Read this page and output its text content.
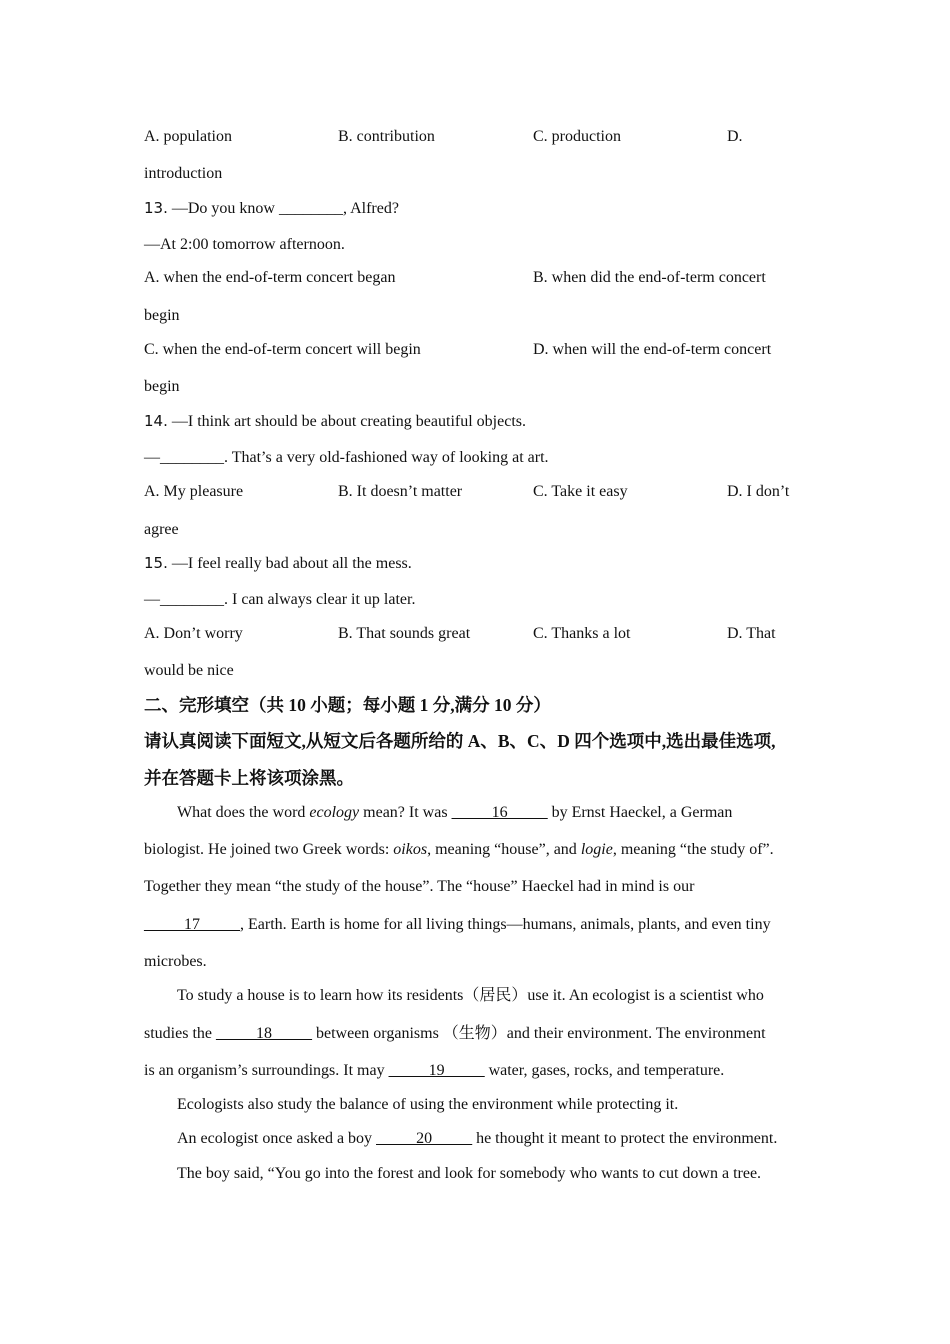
A. population	B. contribution	C. production	D.
introduction
13. —Do you know ________, Alfred?
—At 2:00 tomorrow afternoon.
A. when the end-of-term concert began	B. when did the end-of-term concert
begin
C. when the end-of-term concert will begin	D. when will the end-of-term concert
begin
14. —I think art should be about creating beautiful objects.
—________. That’s a very old-fashioned way of looking at art.
A. My pleasure	B. It doesn’t matter	C. Take it easy	D. I don’t
agree
15. —I feel really bad about all the mess.
—________. I can always clear it up later.
A. Don’t worry	B. That sounds great	C. Thanks a lot	D. That
would be nice
二、完形填空（共 10 小题；每小题 1 分,满分 10 分）
请认真阅读下面短文,从短文后各题所给的 A、B、C、D 四个选项中,选出最佳选项,
并在答题卡上将该项涂黑。
What does the word ecology mean? It was _____16_____ by Ernst Haeckel, a German
biologist. He joined two Greek words: oikos, meaning “house”, and logie, meaning “the study of”.
Together they mean “the study of the house”. The “house” Haeckel had in mind is our
_____17_____, Earth. Earth is home for all living things—humans, animals, plants, and even tiny
microbes.
To study a house is to learn how its residents（居民）use it. An ecologist is a scientist who
studies the _____18_____ between organisms （生物）and their environment. The environment
is an organism’s surroundings. It may _____19_____ water, gases, rocks, and temperature.
Ecologists also study the balance of using the environment while protecting it.
An ecologist once asked a boy _____20_____ he thought it meant to protect the environment.
The boy said, “You go into the forest and look for somebody who wants to cut down a tree.
